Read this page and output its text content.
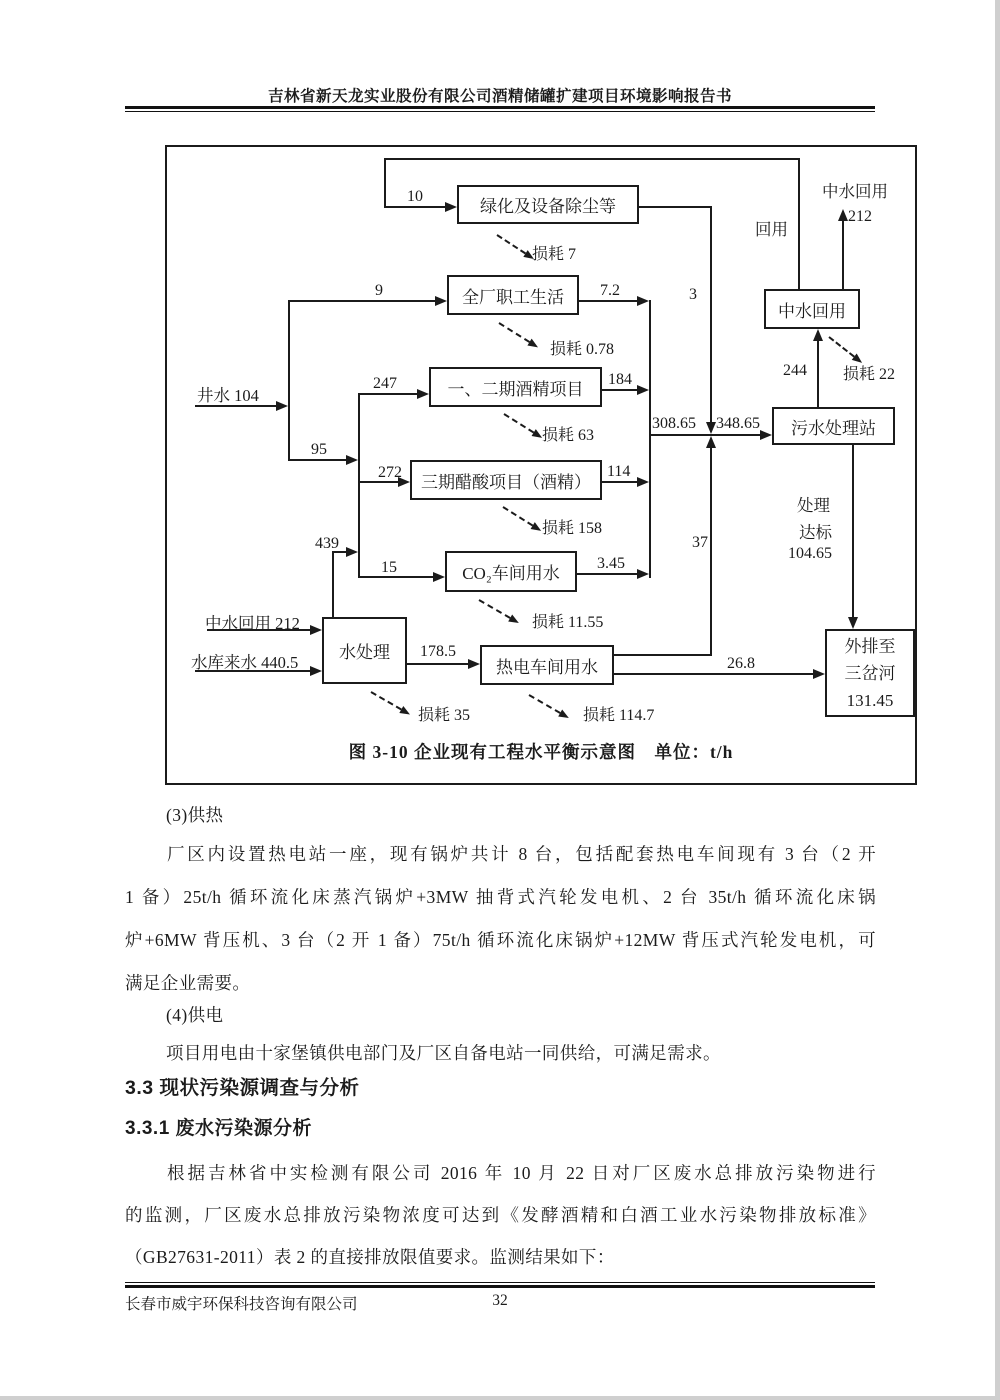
吉林省新天龙实业股份有限公司酒精储罐扩建项目环境影响报告书
绿化及设备除尘等
全厂职工生活
一、二期酒精项目
三期醋酸项目（酒精）
CO₂车间用水
水处理
热电车间用水
中水回用
污水处理站
外排至
三岔河
131.45
10
回用
中水回用
212
损耗 7
9	7.2	3
损耗 0.78
井水 104
247	184
244 损耗 22
损耗 63
95
308.65 348.65
272	114
损耗 158
处理
达标
104.65
439	37
15	3.45
损耗 11.55
中水回用 212
水库来水 440.5
178.5
26.8
损耗 35	损耗 114.7
图 3-10 企业现有工程水平衡示意图　单位：t/h
(3)供热
厂区内设置热电站一座，现有锅炉共计 8 台，包括配套热电车间现有 3 台（2 开
1 备）25t/h 循环流化床蒸汽锅炉+3MW 抽背式汽轮发电机、2 台 35t/h 循环流化床锅
炉+6MW 背压机、3 台（2 开 1 备）75t/h 循环流化床锅炉+12MW 背压式汽轮发电机，可
满足企业需要。
(4)供电
项目用电由十家堡镇供电部门及厂区自备电站一同供给，可满足需求。
3.3 现状污染源调查与分析
3.3.1 废水污染源分析
根据吉林省中实检测有限公司 2016 年 10 月 22 日对厂区废水总排放污染物进行
的监测，厂区废水总排放污染物浓度可达到《发酵酒精和白酒工业水污染物排放标准》
（GB27631-2011）表 2 的直接排放限值要求。监测结果如下：
长春市威宇环保科技咨询有限公司	32
